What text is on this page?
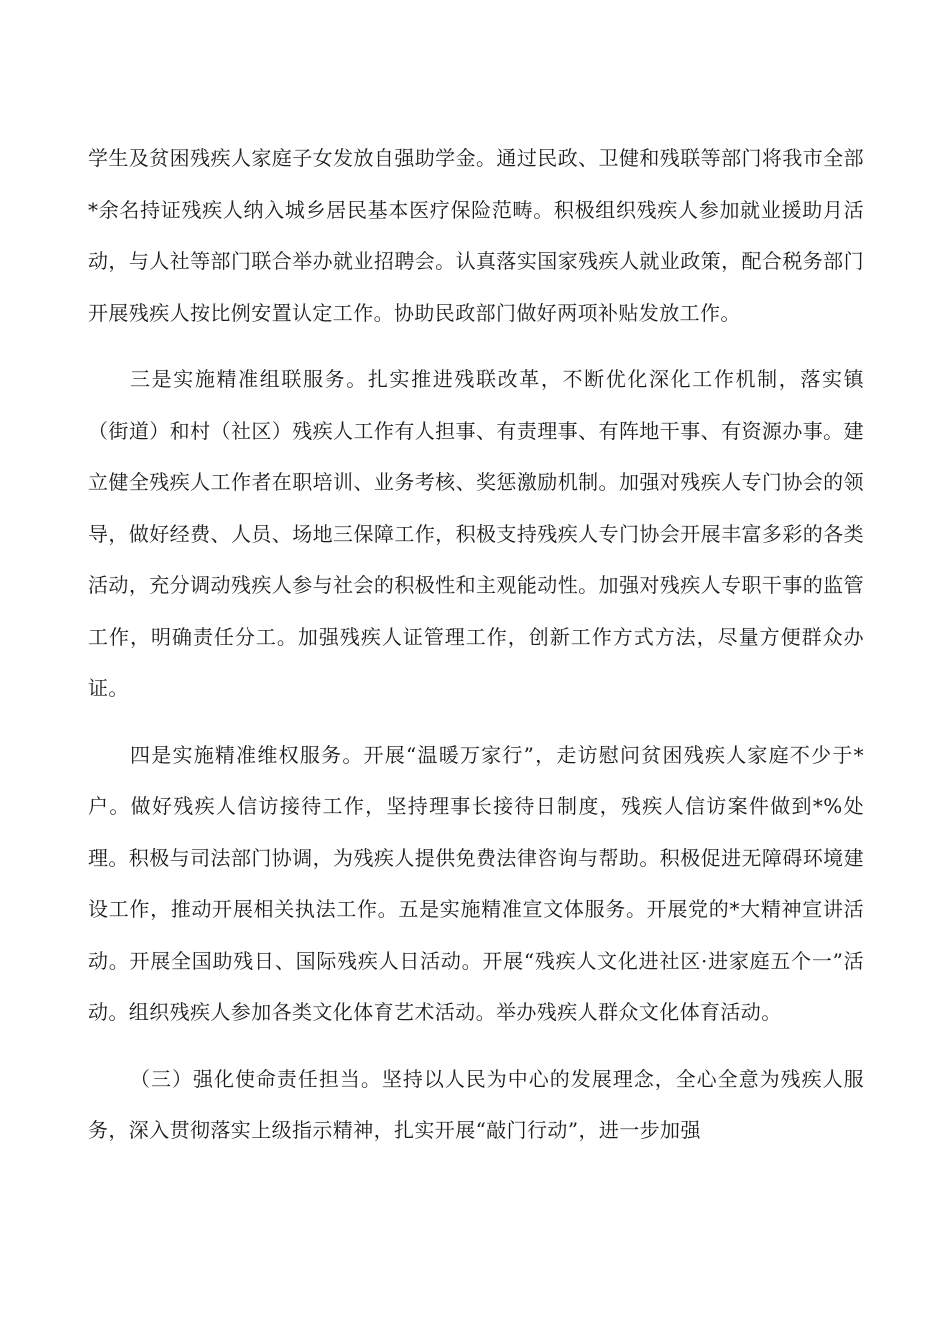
学生及贫困残疾人家庭子女发放自强助学金。通过民政、卫健和残联等部门将我市全部*余名持证残疾人纳入城乡居民基本医疗保险范畴。积极组织残疾人参加就业援助月活动，与人社等部门联合举办就业招聘会。认真落实国家残疾人就业政策，配合税务部门开展残疾人按比例安置认定工作。协助民政部门做好两项补贴发放工作。

三是实施精准组联服务。扎实推进残联改革，不断优化深化工作机制，落实镇（街道）和村（社区）残疾人工作有人担事、有责理事、有阵地干事、有资源办事。建立健全残疾人工作者在职培训、业务考核、奖惩激励机制。加强对残疾人专门协会的领导，做好经费、人员、场地三保障工作，积极支持残疾人专门协会开展丰富多彩的各类活动，充分调动残疾人参与社会的积极性和主观能动性。加强对残疾人专职干事的监管工作，明确责任分工。加强残疾人证管理工作，创新工作方式方法，尽量方便群众办证。

四是实施精准维权服务。开展“温暖万家行”，走访慰问贫困残疾人家庭不少于*户。做好残疾人信访接待工作，坚持理事长接待日制度，残疾人信访案件做到*%处理。积极与司法部门协调，为残疾人提供免费法律咨询与帮助。积极促进无障碍环境建设工作，推动开展相关执法工作。五是实施精准宣文体服务。开展党的*大精神宣讲活动。开展全国助残日、国际残疾人日活动。开展“残疾人文化进社区·进家庭五个一”活动。组织残疾人参加各类文化体育艺术活动。举办残疾人群众文化体育活动。

（三）强化使命责任担当。坚持以人民为中心的发展理念，全心全意为残疾人服务，深入贯彻落实上级指示精神，扎实开展“敲门行动”，进一步加强
